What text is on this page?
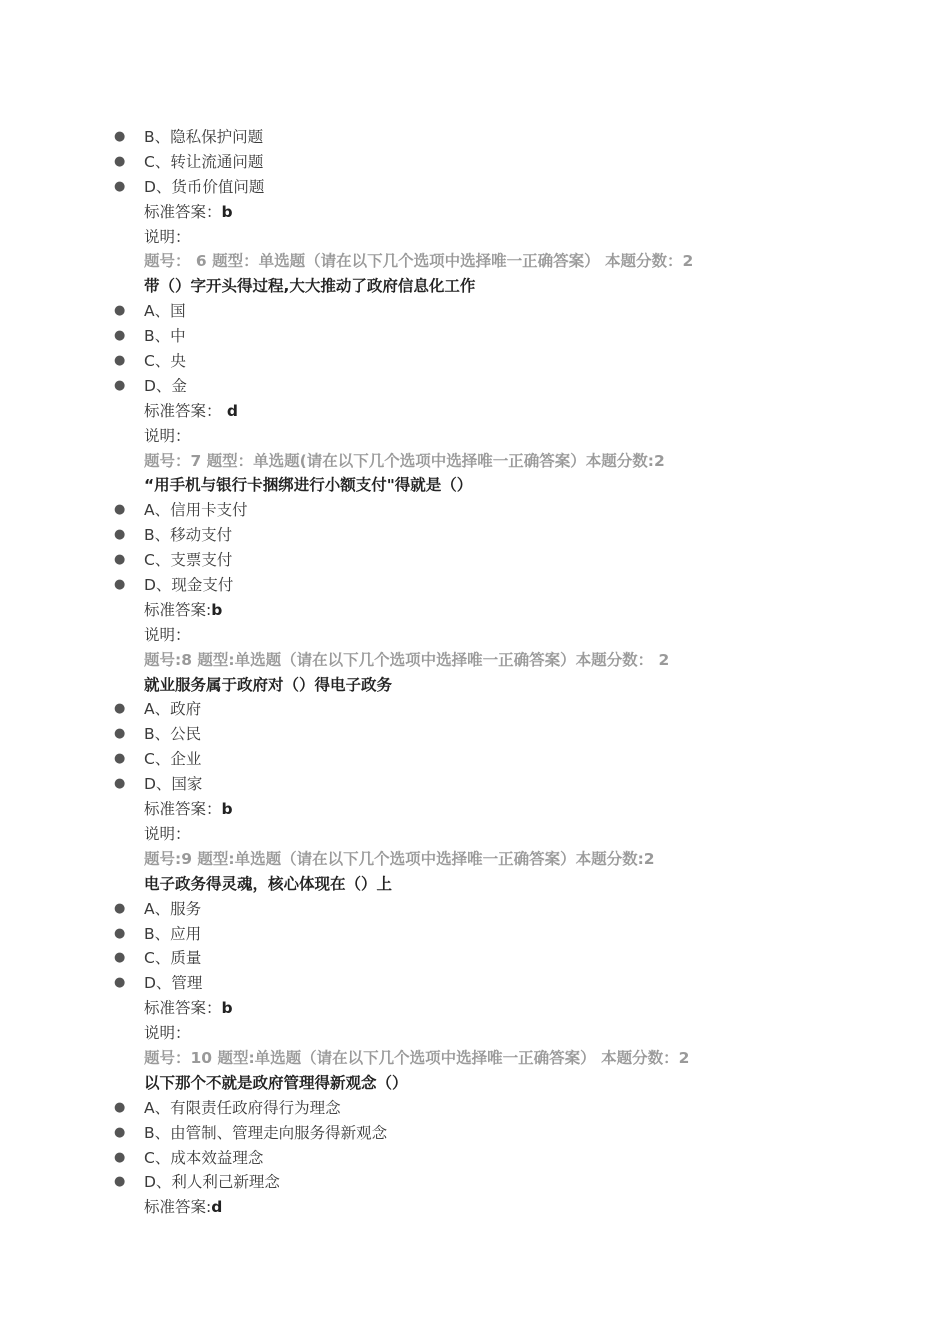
● B、隐私保护问题
● C、转让流通问题
● D、货币价值问题
标准答案：b
说明：
题号： 6 题型：单选题（请在以下几个选项中选择唯一正确答案） 本题分数：2
带（）字开头得过程,大大推动了政府信息化工作
● A、国
● B、中
● C、央
● D、金
标准答案： d
说明：
题号：7 题型：单选题(请在以下几个选项中选择唯一正确答案）本题分数:2
“用手机与银行卡捆绑进行小额支付"得就是（）
● A、信用卡支付
● B、移动支付
● C、支票支付
● D、现金支付
标准答案:b
说明：
题号:8 题型:单选题（请在以下几个选项中选择唯一正确答案）本题分数： 2
就业服务属于政府对（）得电子政务
● A、政府
● B、公民
● C、企业
● D、国家
标准答案：b
说明：
题号:9 题型:单选题（请在以下几个选项中选择唯一正确答案）本题分数:2
电子政务得灵魂，核心体现在（）上
● A、服务
● B、应用
● C、质量
● D、管理
标准答案：b
说明：
题号：10 题型:单选题（请在以下几个选项中选择唯一正确答案） 本题分数：2
以下那个不就是政府管理得新观念（）
● A、有限责任政府得行为理念
● B、由管制、管理走向服务得新观念
● C、成本效益理念
● D、利人利己新理念
标准答案:d
